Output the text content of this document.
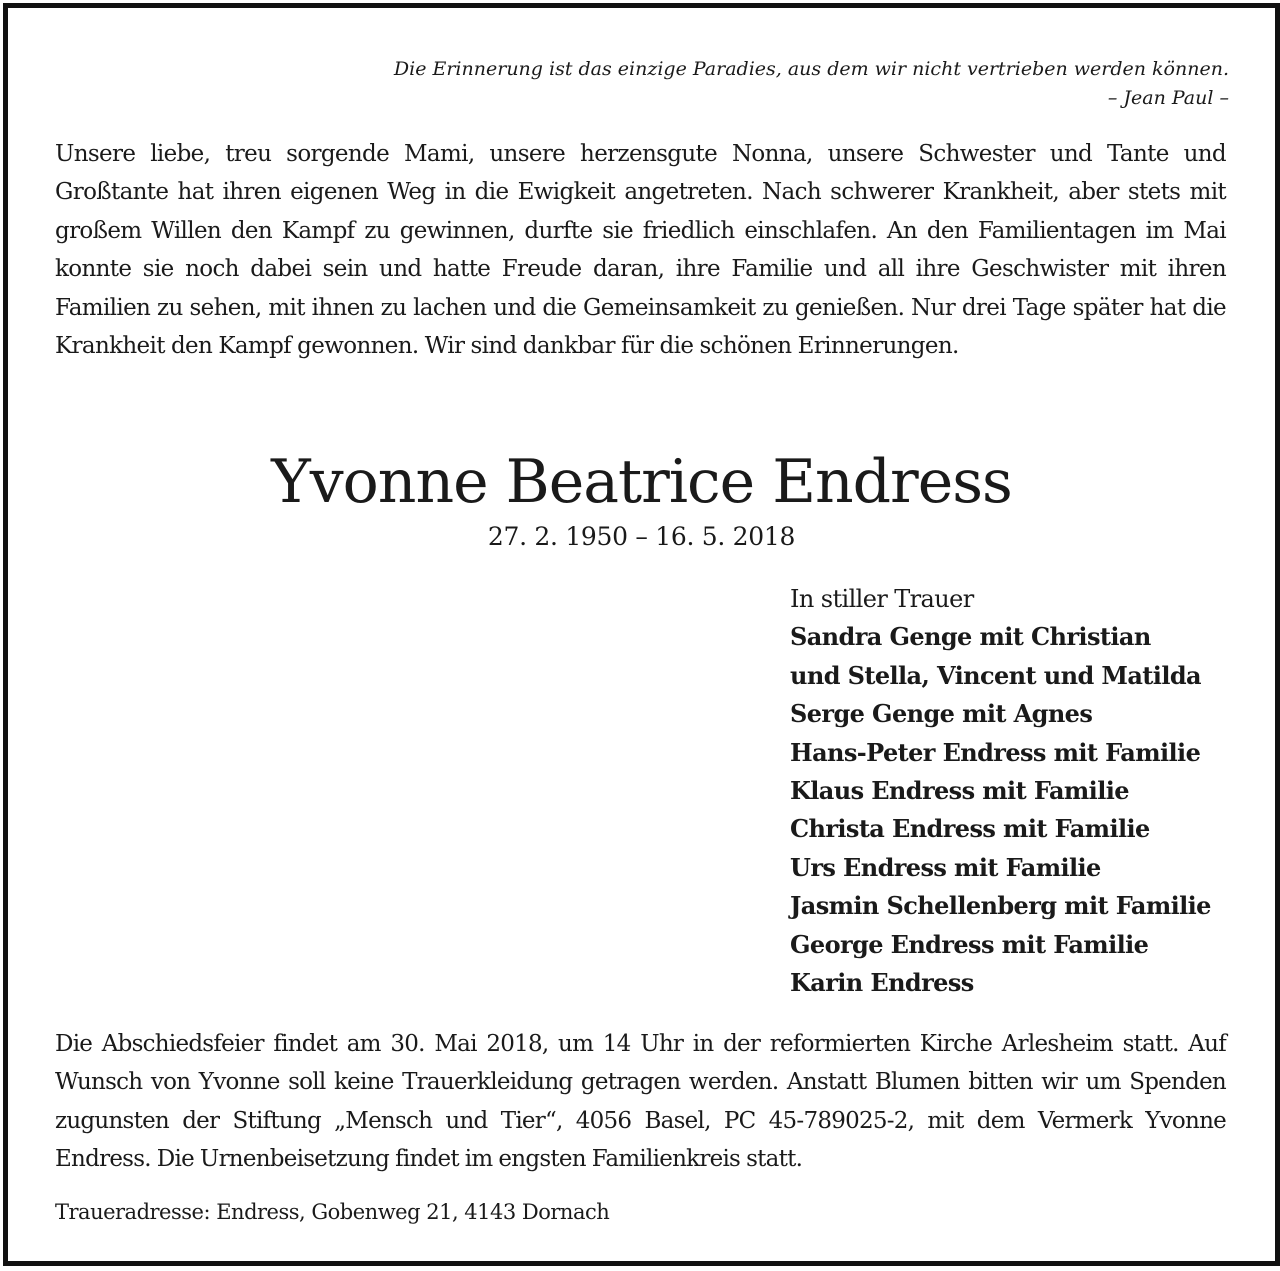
Die Erinnerung ist das einzige Paradies, aus dem wir nicht vertrieben werden können.
– Jean Paul –
Unsere liebe, treu sorgende Mami, unsere herzensgute Nonna, unsere Schwester und Tante und Großtante hat ihren eigenen Weg in die Ewigkeit angetreten. Nach schwerer Krankheit, aber stets mit großem Willen den Kampf zu gewinnen, durfte sie friedlich einschlafen. An den Familientagen im Mai konnte sie noch dabei sein und hatte Freude daran, ihre Familie und all ihre Geschwister mit ihren Familien zu sehen, mit ihnen zu lachen und die Gemeinsamkeit zu genießen. Nur drei Tage später hat die Krankheit den Kampf gewonnen. Wir sind dankbar für die schönen Erinnerungen.
Yvonne Beatrice Endress
27. 2. 1950 – 16. 5. 2018
In stiller Trauer
Sandra Genge mit Christian
und Stella, Vincent und Matilda
Serge Genge mit Agnes
Hans-Peter Endress mit Familie
Klaus Endress mit Familie
Christa Endress mit Familie
Urs Endress mit Familie
Jasmin Schellenberg mit Familie
George Endress mit Familie
Karin Endress
Die Abschiedsfeier findet am 30. Mai 2018, um 14 Uhr in der reformierten Kirche Arlesheim statt. Auf Wunsch von Yvonne soll keine Trauerkleidung getragen werden. Anstatt Blumen bitten wir um Spenden zugunsten der Stiftung „Mensch und Tier“, 4056 Basel, PC 45-789025-2, mit dem Vermerk Yvonne Endress. Die Urnenbeisetzung findet im engsten Familienkreis statt.
Traueradresse: Endress, Gobenweg 21, 4143 Dornach
